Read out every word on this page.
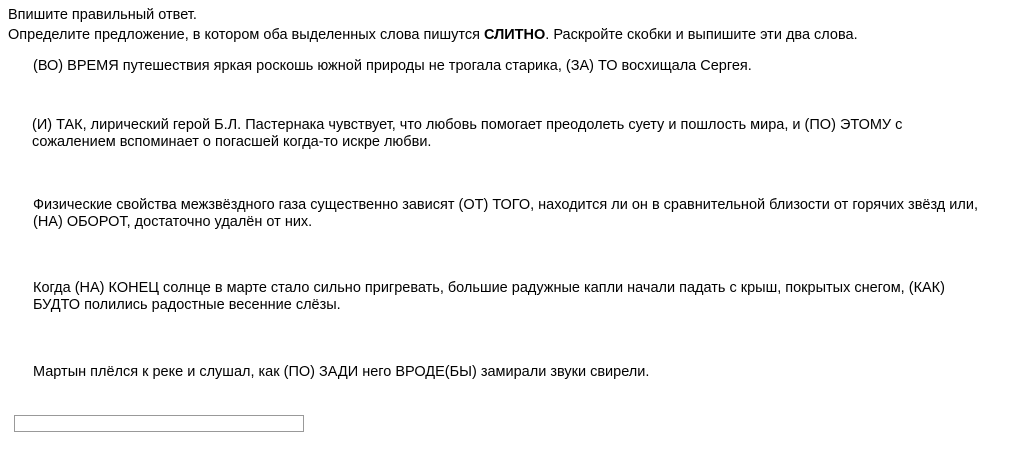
Впишите правильный ответ.
Определите предложение, в котором оба выделенных слова пишутся СЛИТНО. Раскройте скобки и выпишите эти два слова.
(ВО) ВРЕМЯ путешествия яркая роскошь южной природы не трогала старика, (ЗА) ТО восхищала Сергея.
(И) ТАК, лирический герой Б.Л. Пастернака чувствует, что любовь помогает преодолеть суету и пошлость мира, и (ПО) ЭТОМУ с сожалением вспоминает о погасшей когда-то искре любви.
Физические свойства межзвёздного газа существенно зависят (ОТ) ТОГО, находится ли он в сравнительной близости от горячих звёзд или, (НА) ОБОРОТ, достаточно удалён от них.
Когда (НА) КОНЕЦ солнце в марте стало сильно пригревать, большие радужные капли начали падать с крыш, покрытых снегом, (КАК) БУДТО полились радостные весенние слёзы.
Мартын плёлся к реке и слушал, как (ПО) ЗАДИ него ВРОДЕ(БЫ) замирали звуки свирели.
